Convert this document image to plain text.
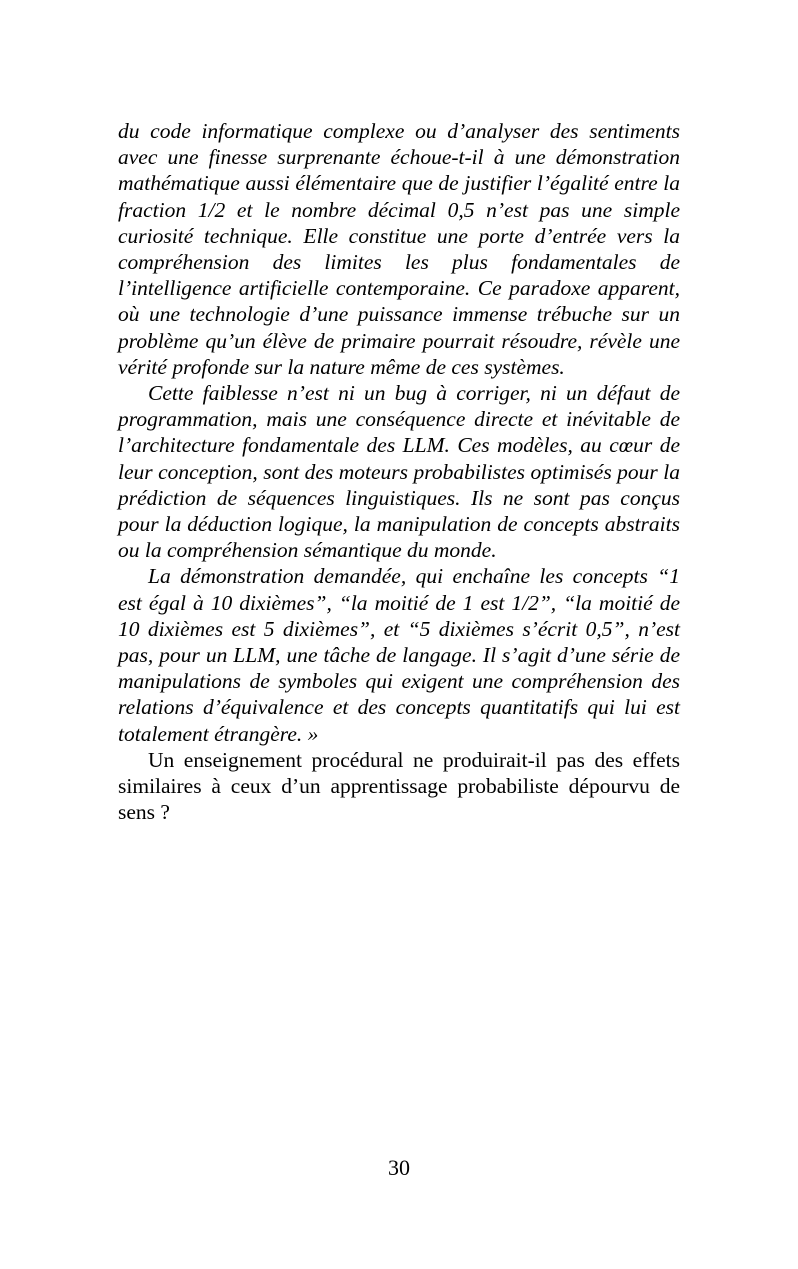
du code informatique complexe ou d’analyser des sentiments avec une finesse surprenante échoue-t-il à une démonstration mathématique aussi élémentaire que de justifier l’égalité entre la fraction 1/2 et le nombre décimal 0,5 n’est pas une simple curiosité technique. Elle constitue une porte d’entrée vers la compréhension des limites les plus fondamentales de l’intelligence artificielle contemporaine. Ce paradoxe apparent, où une technologie d’une puissance immense trébuche sur un problème qu’un élève de primaire pourrait résoudre, révèle une vérité profonde sur la nature même de ces systèmes.

Cette faiblesse n’est ni un bug à corriger, ni un défaut de programmation, mais une conséquence directe et inévitable de l’architecture fondamentale des LLM. Ces modèles, au cœur de leur conception, sont des moteurs probabilistes optimisés pour la prédiction de séquences linguistiques. Ils ne sont pas conçus pour la déduction logique, la manipulation de concepts abstraits ou la compréhension sémantique du monde.

La démonstration demandée, qui enchaîne les concepts “1 est égal à 10 dixièmes”, “la moitié de 1 est 1/2”, “la moitié de 10 dixièmes est 5 dixièmes”, et “5 dixièmes s’écrit 0,5”, n’est pas, pour un LLM, une tâche de langage. Il s’agit d’une série de manipulations de symboles qui exigent une compréhension des relations d’équivalence et des concepts quantitatifs qui lui est totalement étrangère. »

Un enseignement procédural ne produirait-il pas des effets similaires à ceux d’un apprentissage probabiliste dépourvu de sens ?

30
